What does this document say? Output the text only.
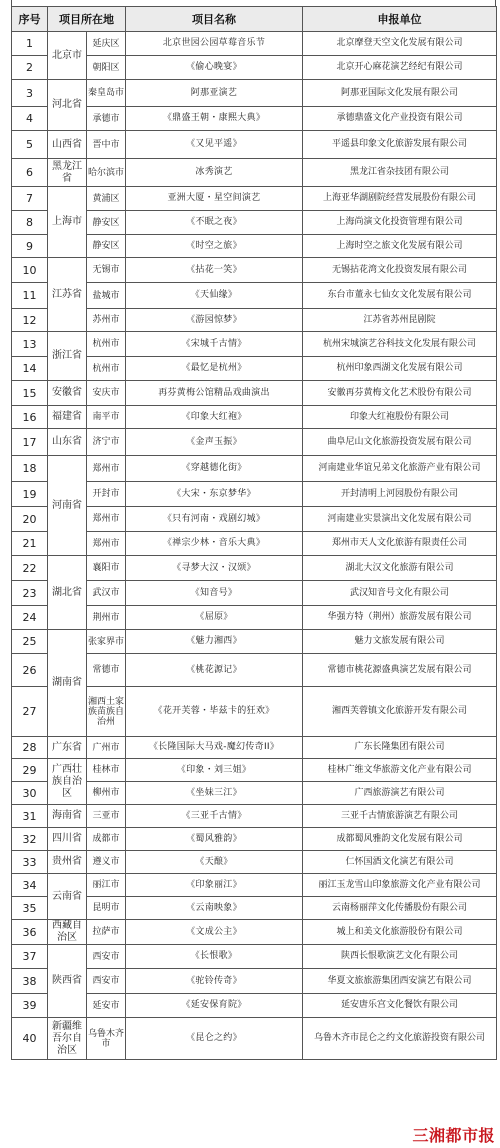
序号	项目所在地		项目名称	申报单位
1	北京市	延庆区	北京世园公园草莓音乐节	北京摩登天空文化发展有限公司
2		朝阳区	《偷心晚宴》	北京开心麻花演艺经纪有限公司
3	河北省	秦皇岛市	阿那亚演艺	阿那亚国际文化发展有限公司
4		承德市	《鼎盛王朝・康熙大典》	承德鼎盛文化产业投资有限公司
5	山西省	晋中市	《又见平遥》	平遥县印象文化旅游发展有限公司
6	黑龙江省	哈尔滨市	冰秀演艺	黑龙江省杂技团有限公司
7	上海市	黄浦区	亚洲大厦・星空间演艺	上海亚华湖剧院经营发展股份有限公司
8		静安区	《不眠之夜》	上海尚演文化投资管理有限公司
9		静安区	《时空之旅》	上海时空之旅文化发展有限公司
10	江苏省	无锡市	《拈花一笑》	无锡拈花湾文化投资发展有限公司
11		盐城市	《天仙缘》	东台市董永七仙女文化发展有限公司
12		苏州市	《游园惊梦》	江苏省苏州昆剧院
13	浙江省	杭州市	《宋城千古情》	杭州宋城演艺谷科技文化发展有限公司
14		杭州市	《最忆是杭州》	杭州印象西湖文化发展有限公司
15	安徽省	安庆市	再芬黄梅公馆精品戏曲演出	安徽再芬黄梅文化艺术股份有限公司
16	福建省	南平市	《印象大红袍》	印象大红袍股份有限公司
17	山东省	济宁市	《金声玉振》	曲阜尼山文化旅游投资发展有限公司
18	河南省	郑州市	《穿越德化街》	河南建业华谊兄弟文化旅游产业有限公司
19		开封市	《大宋・东京梦华》	开封清明上河园股份有限公司
20		郑州市	《只有河南・戏剧幻城》	河南建业实景演出文化发展有限公司
21		郑州市	《禅宗少林・音乐大典》	郑州市天人文化旅游有限责任公司
22	湖北省	襄阳市	《寻梦大汉・汉颂》	湖北大汉文化旅游有限公司
23		武汉市	《知音号》	武汉知音号文化有限公司
24		荆州市	《屈原》	华强方特（荆州）旅游发展有限公司
25	湖南省	张家界市	《魅力湘西》	魅力文旅发展有限公司
26		常德市	《桃花源记》	常德市桃花源盛典演艺发展有限公司
27		湘西土家族苗族自治州	《花开芙蓉・毕兹卡的狂欢》	湘西芙蓉镇文化旅游开发有限公司
28	广东省	广州市	《长隆国际大马戏-魔幻传奇II》	广东长隆集团有限公司
29	广西壮族自治区	桂林市	《印象・刘三姐》	桂林广维文华旅游文化产业有限公司
30		柳州市	《坐妹三江》	广西旅游演艺有限公司
31	海南省	三亚市	《三亚千古情》	三亚千古情旅游演艺有限公司
32	四川省	成都市	《蜀风雅韵》	成都蜀风雅韵文化发展有限公司
33	贵州省	遵义市	《天酿》	仁怀国酒文化演艺有限公司
34	云南省	丽江市	《印象丽江》	丽江玉龙雪山印象旅游文化产业有限公司
35		昆明市	《云南映象》	云南杨丽萍文化传播股份有限公司
36	西藏自治区	拉萨市	《文成公主》	城上和美文化旅游股份有限公司
37	陕西省	西安市	《长恨歌》	陕西长恨歌演艺文化有限公司
38		西安市	《驼铃传奇》	华夏文旅旅游集团西安演艺有限公司
39		延安市	《延安保育院》	延安唐乐宫文化餐饮有限公司
40	新疆维吾尔自治区	乌鲁木齐市	《昆仑之约》	乌鲁木齐市昆仑之约文化旅游投资有限公司
三湘都市报
